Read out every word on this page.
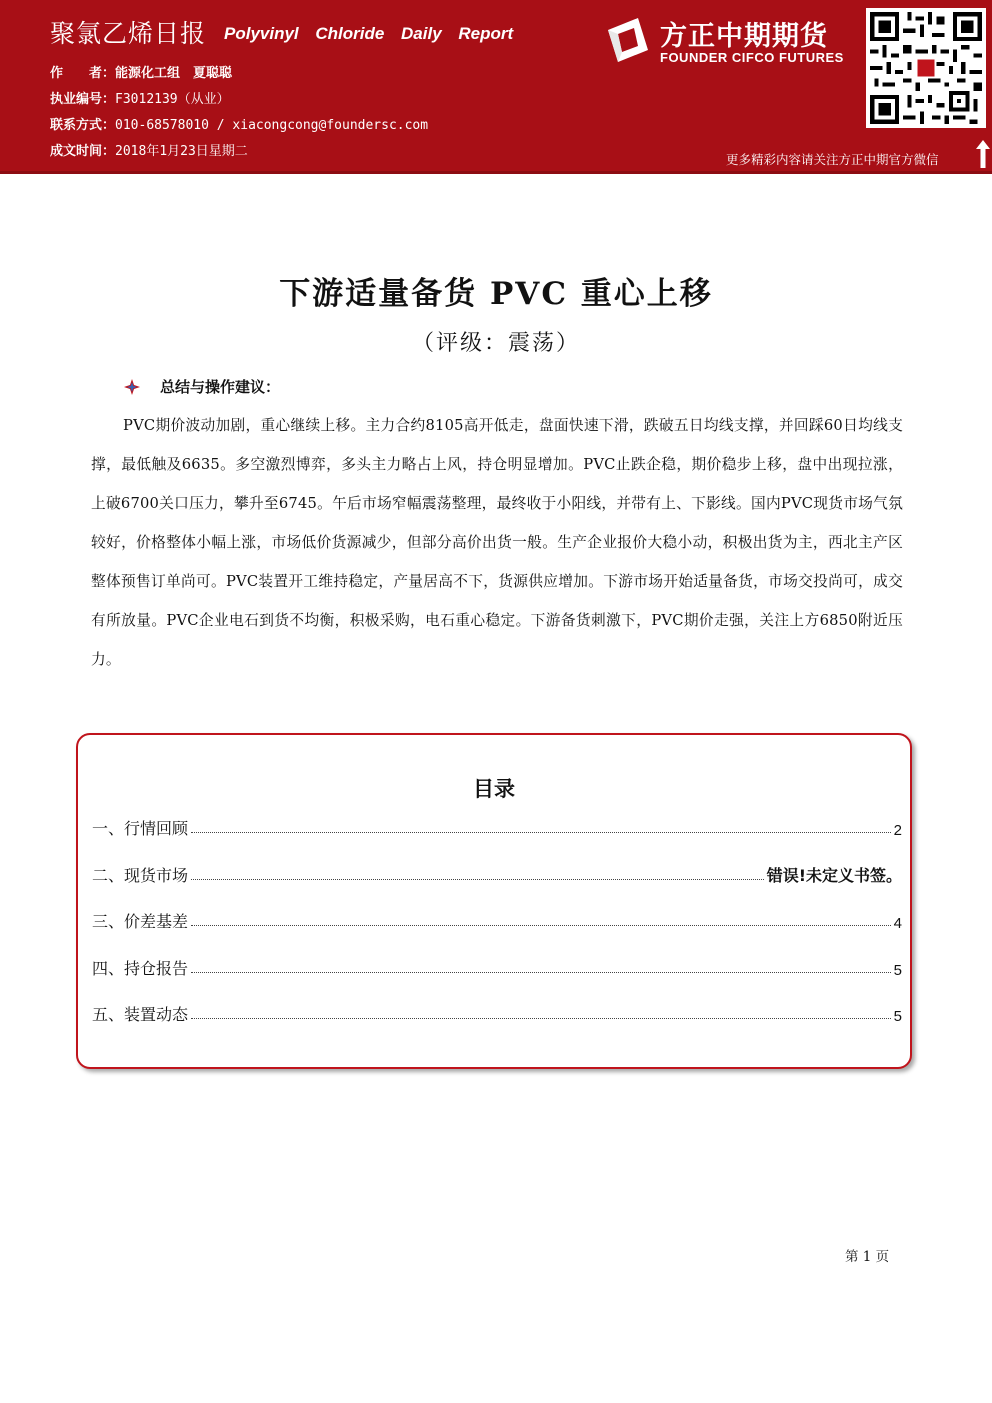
聚氯乙烯日报 Polyvinyl Chloride Daily Report
作　　者：能源化工组　夏聪聪
执业编号：F3012139（从业）
联系方式：010-68578010 / xiacongcong@foundersc.com
成文时间：2018年1月23日星期二
方正中期期货
FOUNDER CIFCO FUTURES
更多精彩内容请关注方正中期官方微信
下游适量备货 PVC 重心上移
（评级：震荡）
总结与操作建议：
PVC期价波动加剧，重心继续上移。主力合约8105高开低走，盘面快速下滑，跌破五日均线支撑，并回踩60日均线支撑，最低触及6635。多空激烈博弈，多头主力略占上风，持仓明显增加。PVC止跌企稳，期价稳步上移，盘中出现拉涨，上破6700关口压力，攀升至6745。午后市场窄幅震荡整理，最终收于小阳线，并带有上、下影线。国内PVC现货市场气氛较好，价格整体小幅上涨，市场低价货源减少，但部分高价出货一般。生产企业报价大稳小动，积极出货为主，西北主产区整体预售订单尚可。PVC装置开工维持稳定，产量居高不下，货源供应增加。下游市场开始适量备货，市场交投尚可，成交有所放量。PVC企业电石到货不均衡，积极采购，电石重心稳定。下游备货刺激下，PVC期价走强，关注上方6850附近压力。
目录
一、行情回顾	2
二、现货市场	错误!未定义书签。
三、价差基差	4
四、持仓报告	5
五、装置动态	5
第 1 页
